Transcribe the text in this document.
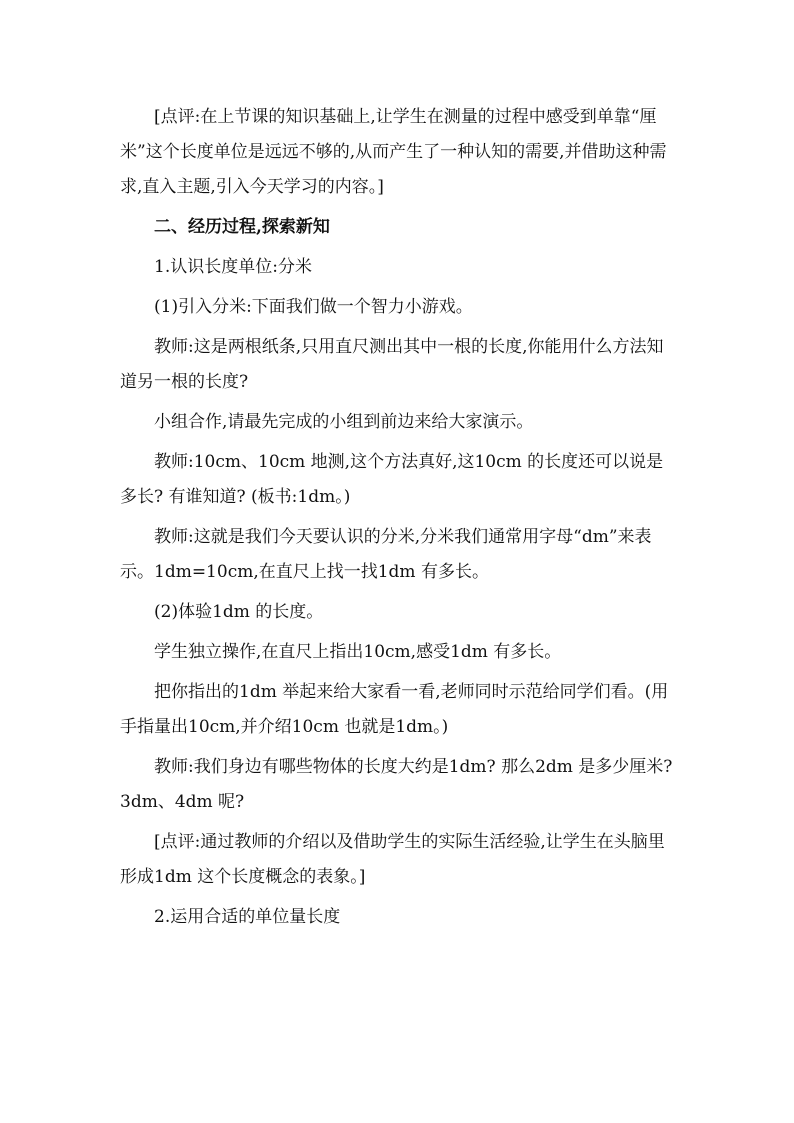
[点评:在上节课的知识基础上,让学生在测量的过程中感受到单靠“厘米”这个长度单位是远远不够的,从而产生了一种认知的需要,并借助这种需求,直入主题,引入今天学习的内容。]

二、经历过程,探索新知

1.认识长度单位:分米

(1)引入分米:下面我们做一个智力小游戏。

教师:这是两根纸条,只用直尺测出其中一根的长度,你能用什么方法知道另一根的长度?

小组合作,请最先完成的小组到前边来给大家演示。

教师:10cm、10cm 地测,这个方法真好,这10cm 的长度还可以说是多长? 有谁知道? (板书:1dm。)

教师:这就是我们今天要认识的分米,分米我们通常用字母“dm”来表示。1dm=10cm,在直尺上找一找1dm 有多长。

(2)体验1dm 的长度。

学生独立操作,在直尺上指出10cm,感受1dm 有多长。

把你指出的1dm 举起来给大家看一看,老师同时示范给同学们看。(用手指量出10cm,并介绍10cm 也就是1dm。)

教师:我们身边有哪些物体的长度大约是1dm? 那么2dm 是多少厘米? 3dm、4dm 呢?

[点评:通过教师的介绍以及借助学生的实际生活经验,让学生在头脑里形成1dm 这个长度概念的表象。]

2.运用合适的单位量长度
